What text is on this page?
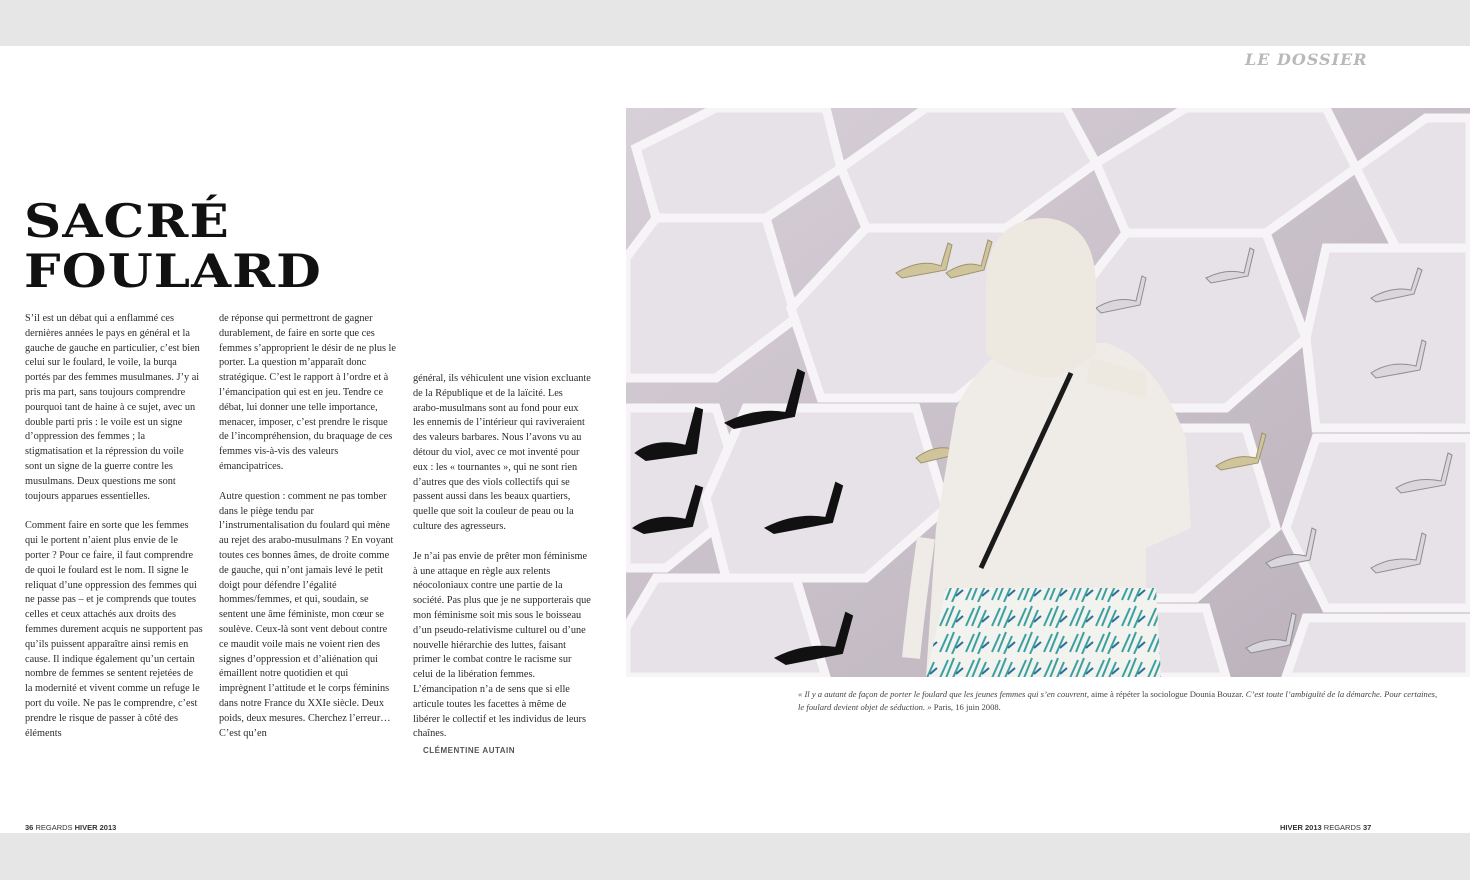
LE DOSSIER
SACRÉ
FOULARD

S’il est un débat qui a enflammé ces dernières années le pays en général et la gauche de gauche en particulier, c’est bien celui sur le foulard, le voile, la burqa portés par des femmes musulmanes. J’y ai pris ma part, sans toujours comprendre pourquoi tant de haine à ce sujet, avec un double parti pris : le voile est un signe d’oppression des femmes ; la stigmatisation et la répression du voile sont un signe de la guerre contre les musulmans. Deux questions me sont toujours apparues essentielles.

Comment faire en sorte que les femmes qui le portent n’aient plus envie de le porter ? Pour ce faire, il faut comprendre de quoi le foulard est le nom. Il signe le reliquat d’une oppression des femmes qui ne passe pas – et je comprends que toutes celles et ceux attachés aux droits des femmes durement acquis ne supportent pas qu’ils puissent apparaître ainsi remis en cause. Il indique également qu’un certain nombre de femmes se sentent rejetées de la modernité et vivent comme un refuge le port du voile. Ne pas le comprendre, c’est prendre le risque de passer à côté des éléments

de réponse qui permettront de gagner durablement, de faire en sorte que ces femmes s’approprient le désir de ne plus le porter. La question m’apparaît donc stratégique. C’est le rapport à l’ordre et à l’émancipation qui est en jeu. Tendre ce débat, lui donner une telle importance, menacer, imposer, c’est prendre le risque de l’incompréhension, du braquage de ces femmes vis-à-vis des valeurs émancipatrices.

Autre question : comment ne pas tomber dans le piège tendu par l’instrumentalisation du foulard qui mène au rejet des arabo-musulmans ? En voyant toutes ces bonnes âmes, de droite comme de gauche, qui n’ont jamais levé le petit doigt pour défendre l’égalité hommes/femmes, et qui, soudain, se sentent une âme féministe, mon cœur se soulève. Ceux-là sont vent debout contre ce maudit voile mais ne voient rien des signes d’oppression et d’aliénation qui émaillent notre quotidien et qui imprègnent l’attitude et le corps féminins dans notre France du XXIe siècle. Deux poids, deux mesures. Cherchez l’erreur… C’est qu’en

général, ils véhiculent une vision excluante de la République et de la laïcité. Les arabo-musulmans sont au fond pour eux les ennemis de l’intérieur qui raviveraient des valeurs barbares. Nous l’avons vu au détour du viol, avec ce mot inventé pour eux : les « tournantes », qui ne sont rien d’autres que des viols collectifs qui se passent aussi dans les beaux quartiers, quelle que soit la couleur de peau ou la culture des agresseurs.

Je n’ai pas envie de prêter mon féminisme à une attaque en règle aux relents néocoloniaux contre une partie de la société. Pas plus que je ne supporterais que mon féminisme soit mis sous le boisseau d’un pseudo-relativisme culturel ou d’une nouvelle hiérarchie des luttes, faisant primer le combat contre le racisme sur celui de la libération femmes. L’émancipation n’a de sens que si elle articule toutes les facettes à même de libérer le collectif et les individus de leurs chaînes.

CLÉMENTINE AUTAIN
« Il y a autant de façon de porter le foulard que les jeunes femmes qui s’en couvrent, aime à répéter la sociologue Dounia Bouzar. C’est toute l’ambiguïté de la démarche. Pour certaines, le foulard devient objet de séduction. » Paris, 16 juin 2008.
36 REGARDS HIVER 2013	HIVER 2013 REGARDS 37
